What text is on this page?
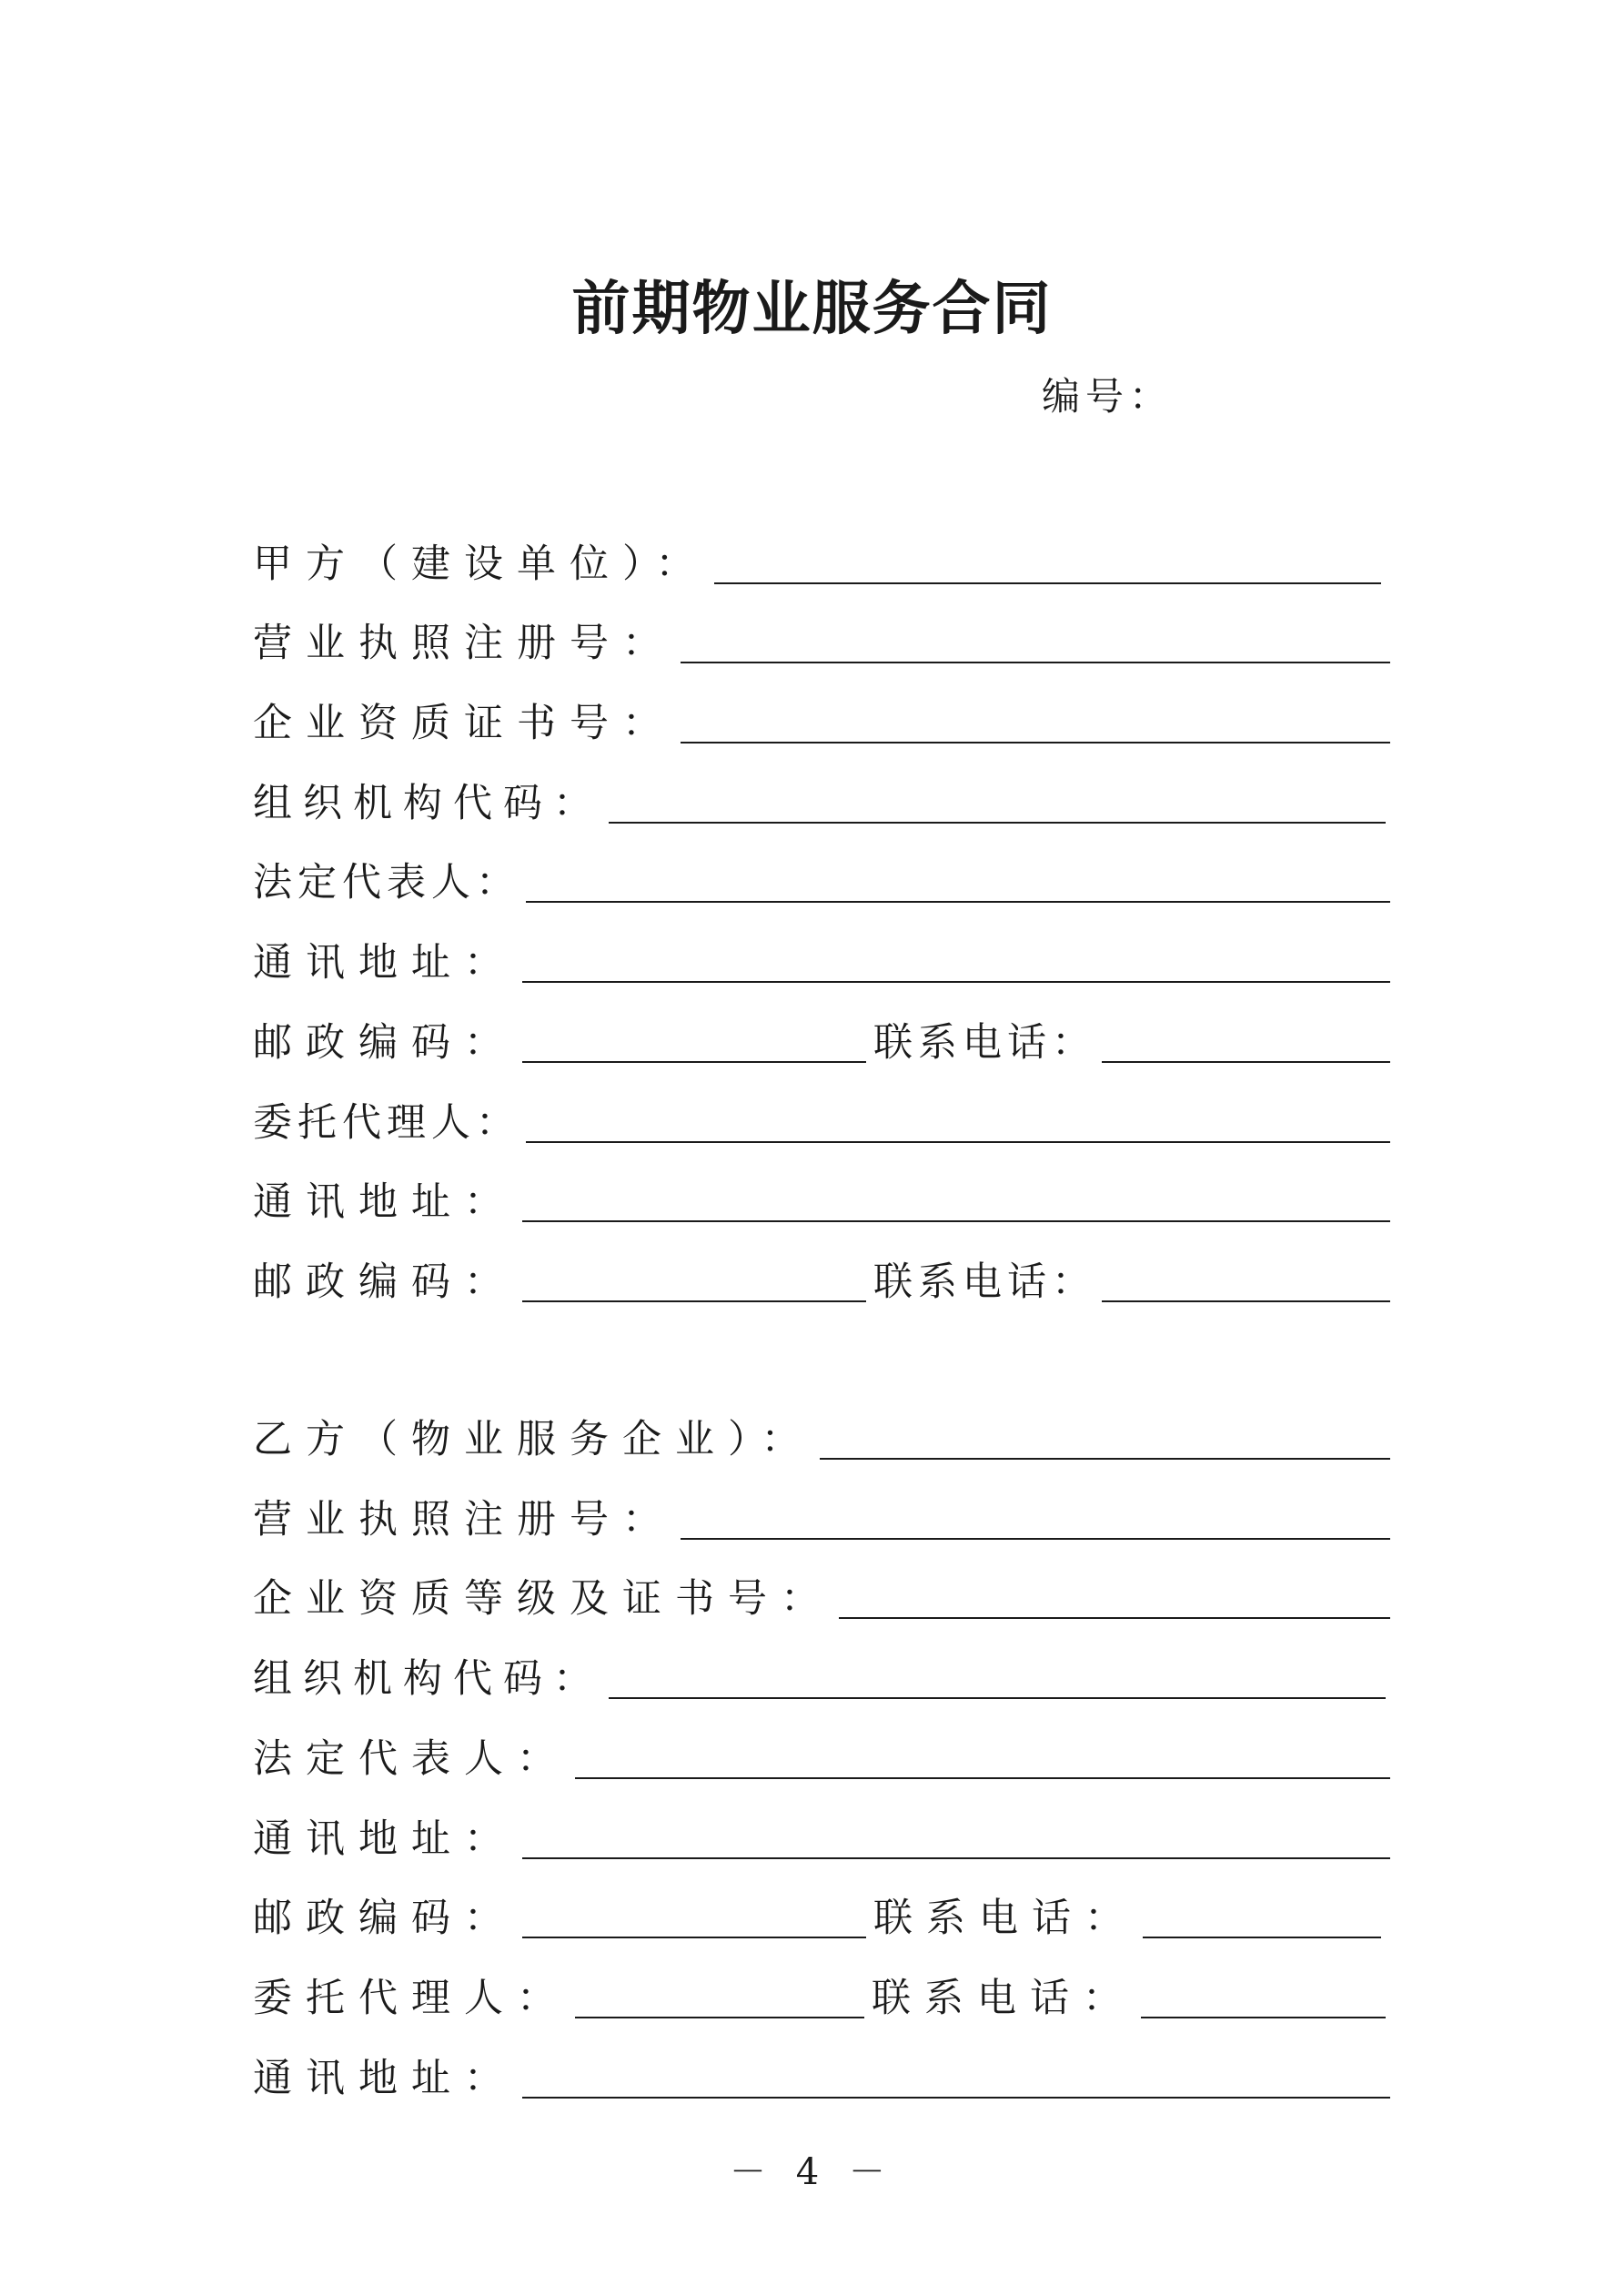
前期物业服务合同
编号：
甲方（建设单位）：
营业执照注册号：
企业资质证书号：
组织机构代码：
法定代表人：
通讯地址：
邮政编码：	联系电话：
委托代理人：
通讯地址：
邮政编码：	联系电话：
乙方（物业服务企业）：
营业执照注册号：
企业资质等级及证书号：
组织机构代码：
法定代表人：
通讯地址：
邮政编码：	联系电话：
委托代理人：	联系电话：
通讯地址：
－ 4 －
